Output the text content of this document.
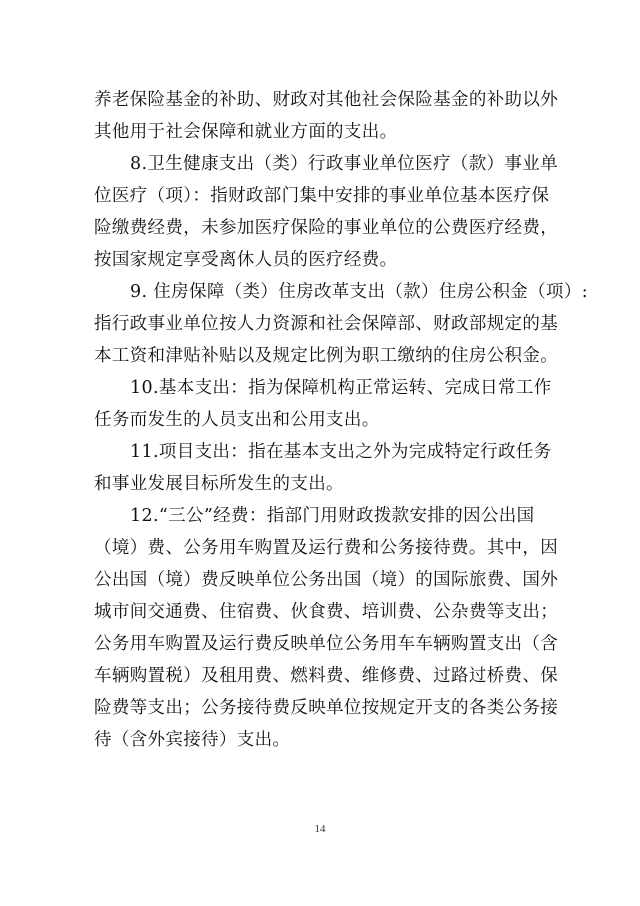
养老保险基金的补助、财政对其他社会保险基金的补助以外
其他用于社会保障和就业方面的支出。
8.卫生健康支出（类）行政事业单位医疗（款）事业单
位医疗（项）：指财政部门集中安排的事业单位基本医疗保
险缴费经费，未参加医疗保险的事业单位的公费医疗经费，
按国家规定享受离休人员的医疗经费。
9. 住房保障（类）住房改革支出（款）住房公积金（项）:
指行政事业单位按人力资源和社会保障部、财政部规定的基
本工资和津贴补贴以及规定比例为职工缴纳的住房公积金。
10.基本支出：指为保障机构正常运转、完成日常工作
任务而发生的人员支出和公用支出。
11.项目支出：指在基本支出之外为完成特定行政任务
和事业发展目标所发生的支出。
12.“三公”经费：指部门用财政拨款安排的因公出国
（境）费、公务用车购置及运行费和公务接待费。其中，因
公出国（境）费反映单位公务出国（境）的国际旅费、国外
城市间交通费、住宿费、伙食费、培训费、公杂费等支出；
公务用车购置及运行费反映单位公务用车车辆购置支出（含
车辆购置税）及租用费、燃料费、维修费、过路过桥费、保
险费等支出；公务接待费反映单位按规定开支的各类公务接
待（含外宾接待）支出。
14
